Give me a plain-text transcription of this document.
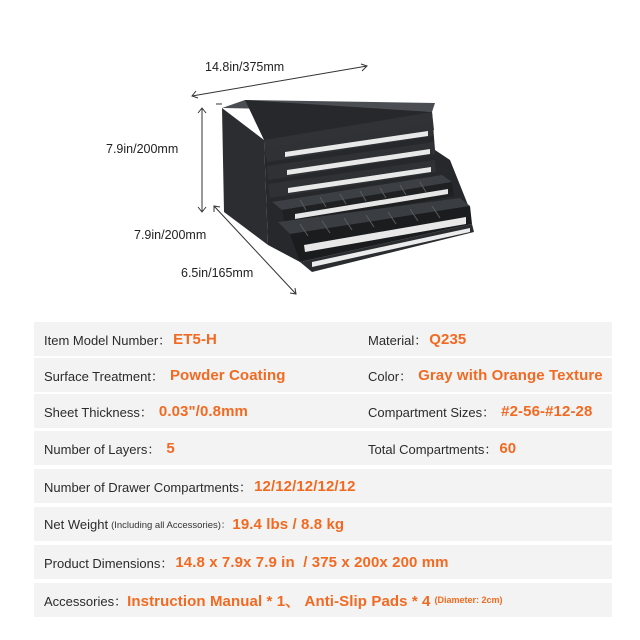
14.8in/375mm
7.9in/200mm
7.9in/200mm
6.5in/165mm
Item Model Number： ET5-H	Material： Q235
Surface Treatment： Powder Coating	Color： Gray with Orange Texture
Sheet Thickness： 0.03"/0.8mm	Compartment Sizes： #2-56-#12-28
Number of Layers： 5	Total Compartments： 60
Number of Drawer Compartments： 12/12/12/12/12
Net Weight (Including all Accessories)： 19.4 lbs / 8.8 kg
Product Dimensions： 14.8 x 7.9x 7.9 in  / 375 x 200x 200 mm
Accessories： Instruction Manual * 1、 Anti-Slip Pads * 4 (Diameter: 2cm)
